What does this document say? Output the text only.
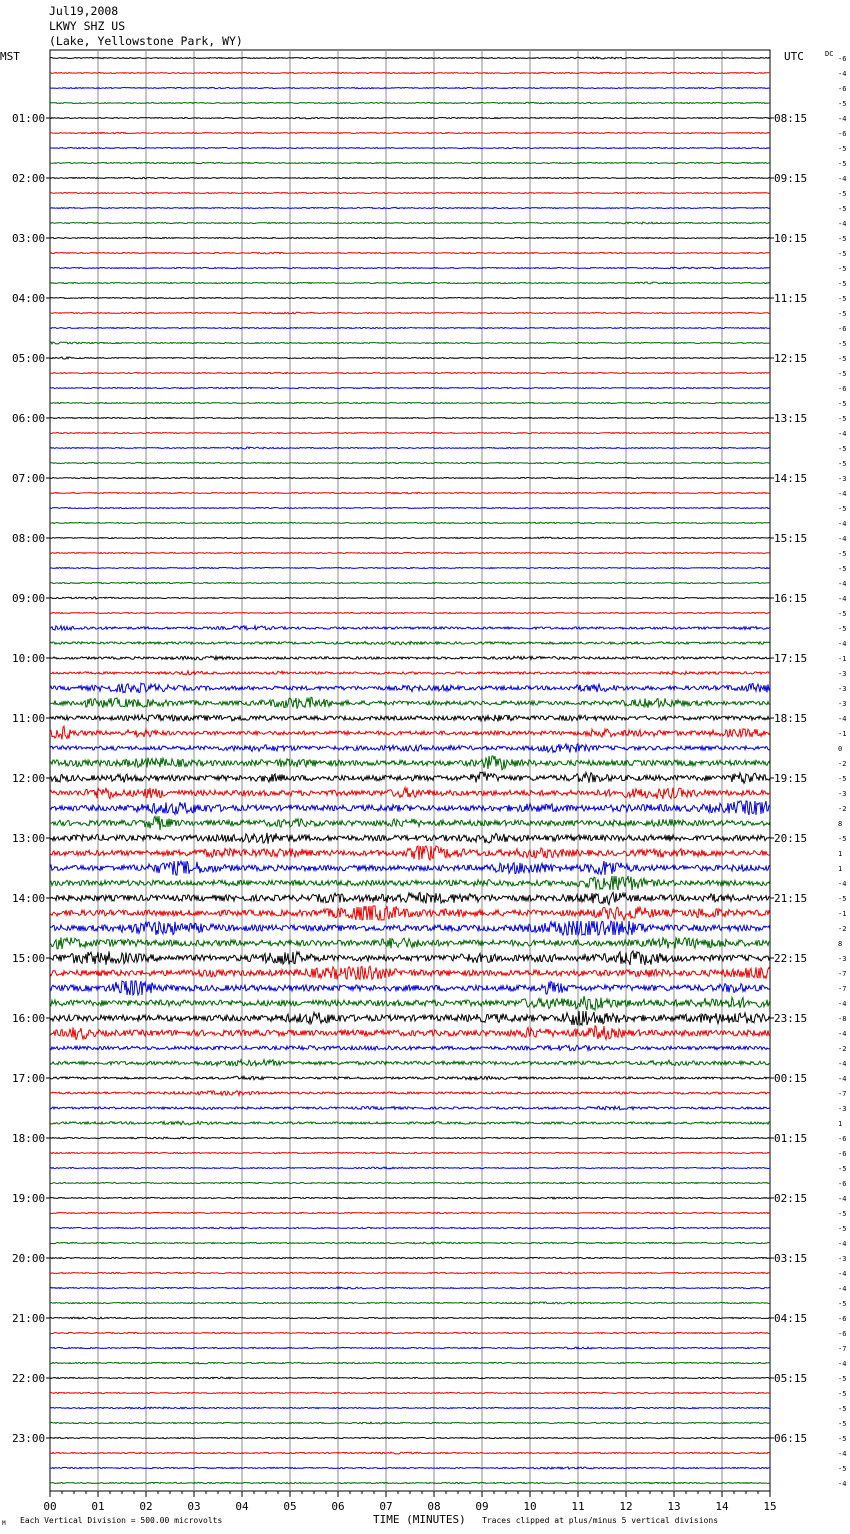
Jul19,2008
LKWY SHZ US
(Lake, Yellowstone Park, WY)
00	01	02	03	04	05	06	07	08	09	10	11	12	13	14	15
-6
-4
-6
-5
-4
01:00	08:15
-6
-5
-5
-4
02:00	09:15
-5
-5
-4
-5
03:00	10:15
-5
-5
-5
-5
04:00	11:15
-5
-6
-5
-5
05:00	12:15
-5
-6
-5
-5
06:00	13:15
-4
-5
-5
-3
07:00	14:15
-4
-5
-4
-4
08:00	15:15
-5
-5
-4
-4
09:00	16:15
-5
-5
-4
-1
10:00	17:15
-3
-3
-3
-4
11:00	18:15
-1
0
-2
-5
12:00	19:15
-3
-2
8
-5
13:00	20:15
1
1
-4
-5
14:00	21:15
-1
-2
8
-3
15:00	22:15
-7
-7
-4
-8
16:00	23:15
-4
-2
-4
-4
17:00	00:15
-7
-3
1
-6
18:00	01:15
-6
-5
-6
-4
19:00	02:15
-5
-5
-4
-3
20:00	03:15
-4
-4
-5
-6
21:00	04:15
-6
-7
-4
-5
22:00	05:15
-5
-5
-5
-5
23:00	06:15
-4
-5
-4
MST	UTC	DC
TIME (MINUTES)
Each Vertical Division = 500.00 microvolts	Traces clipped at plus/minus 5 vertical divisions
M
